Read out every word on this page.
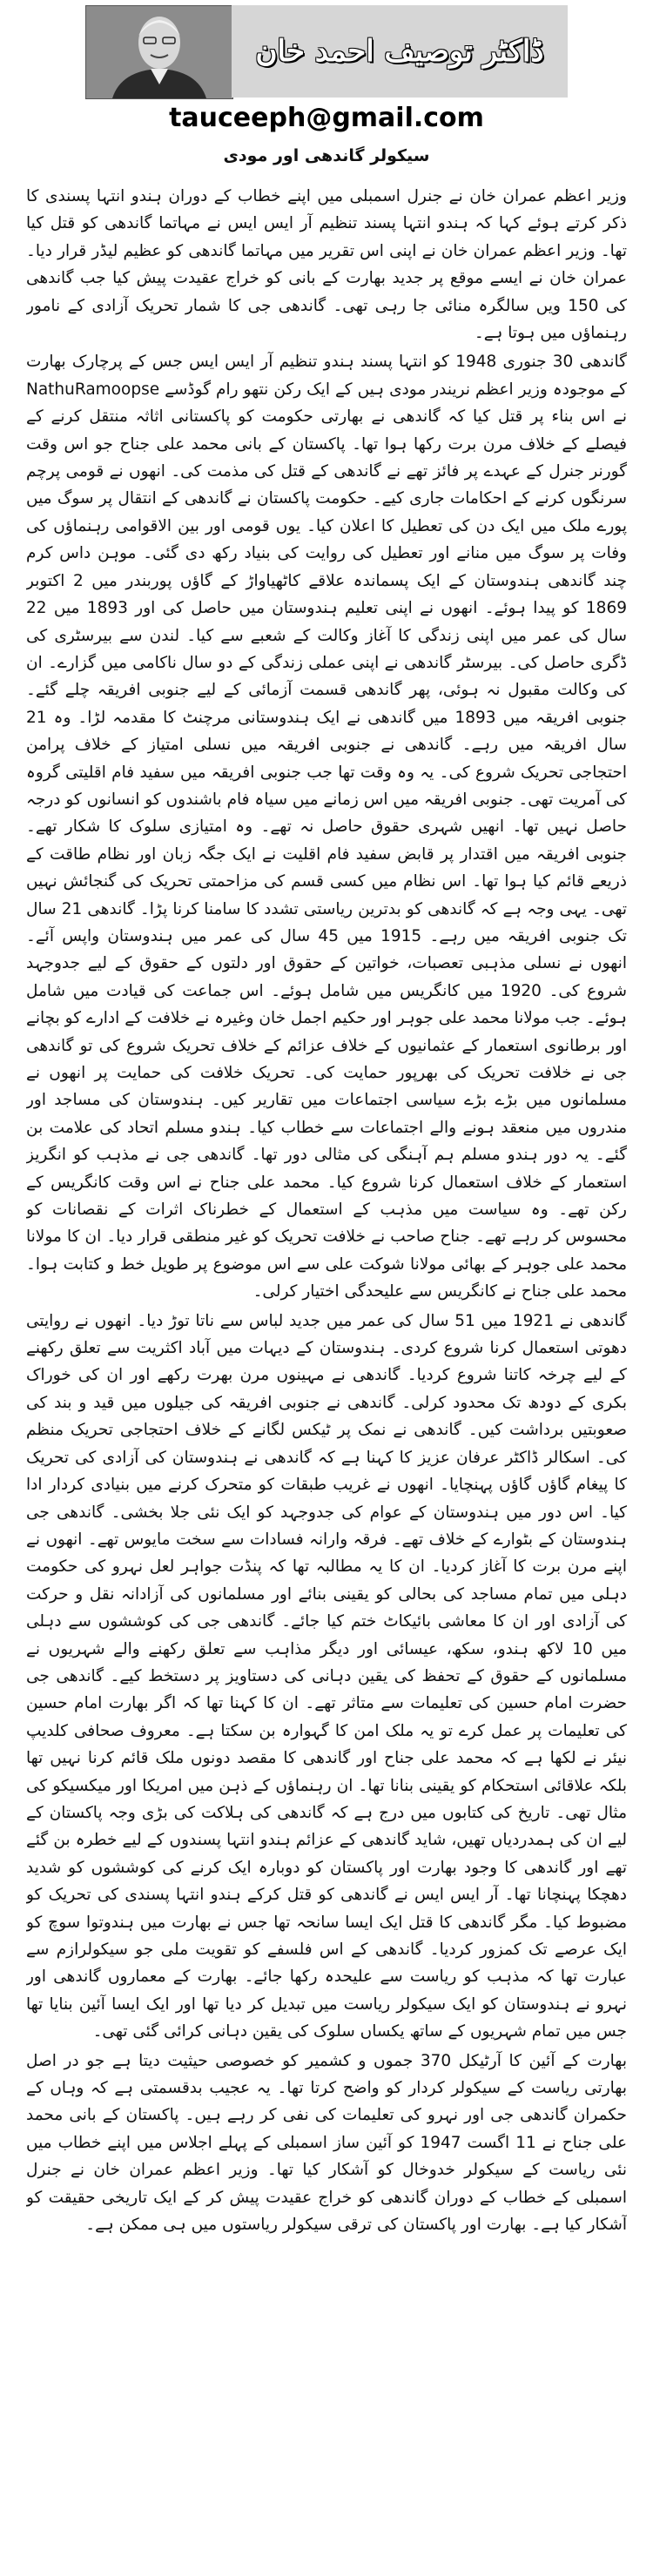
ڈاکٹر توصیف احمد خان
tauceeph@gmail.com
سیکولر گاندھی اور مودی

وزیر اعظم عمران خان نے جنرل اسمبلی میں اپنے خطاب کے دوران ہندو انتہا پسندی کا ذکر کرتے ہوئے کہا کہ ہندو انتہا پسند تنظیم آر ایس ایس نے مہاتما گاندھی کو قتل کیا تھا۔ وزیر اعظم عمران خان نے اپنی اس تقریر میں مہاتما گاندھی کو عظیم لیڈر قرار دیا۔ عمران خان نے ایسے موقع پر جدید بھارت کے بانی کو خراج عقیدت پیش کیا جب گاندھی کی 150 ویں سالگرہ منائی جا رہی تھی۔ گاندھی جی کا شمار تحریک آزادی کے نامور رہنماؤں میں ہوتا ہے۔

گاندھی 30 جنوری 1948 کو انتہا پسند ہندو تنظیم آر ایس ایس جس کے پرچارک بھارت کے موجودہ وزیر اعظم نریندر مودی ہیں کے ایک رکن نتھو رام گوڈسے NathuRamoopse نے اس بناء پر قتل کیا کہ گاندھی نے بھارتی حکومت کو پاکستانی اثاثہ منتقل کرنے کے فیصلے کے خلاف مرن برت رکھا ہوا تھا۔ پاکستان کے بانی محمد علی جناح جو اس وقت گورنر جنرل کے عہدے پر فائز تھے نے گاندھی کے قتل کی مذمت کی۔ انھوں نے قومی پرچم سرنگوں کرنے کے احکامات جاری کیے۔ حکومت پاکستان نے گاندھی کے انتقال پر سوگ میں پورے ملک میں ایک دن کی تعطیل کا اعلان کیا۔ یوں قومی اور بین الاقوامی رہنماؤں کی وفات پر سوگ میں منانے اور تعطیل کی روایت کی بنیاد رکھ دی گئی۔ موہن داس کرم چند گاندھی ہندوستان کے ایک پسماندہ علاقے کاٹھیاواڑ کے گاؤں پوربندر میں 2 اکتوبر 1869 کو پیدا ہوئے۔ انھوں نے اپنی تعلیم ہندوستان میں حاصل کی اور 1893 میں 22 سال کی عمر میں اپنی زندگی کا آغاز وکالت کے شعبے سے کیا۔ لندن سے بیرسٹری کی ڈگری حاصل کی۔ بیرسٹر گاندھی نے اپنی عملی زندگی کے دو سال ناکامی میں گزارے۔ ان کی وکالت مقبول نہ ہوئی، پھر گاندھی قسمت آزمائی کے لیے جنوبی افریقہ چلے گئے۔ جنوبی افریقہ میں 1893 میں گاندھی نے ایک ہندوستانی مرچنٹ کا مقدمہ لڑا۔ وہ 21 سال افریقہ میں رہے۔ گاندھی نے جنوبی افریقہ میں نسلی امتیاز کے خلاف پرامن احتجاجی تحریک شروع کی۔ یہ وہ وقت تھا جب جنوبی افریقہ میں سفید فام اقلیتی گروہ کی آمریت تھی۔ جنوبی افریقہ میں اس زمانے میں سیاہ فام باشندوں کو انسانوں کو درجہ حاصل نہیں تھا۔ انھیں شہری حقوق حاصل نہ تھے۔ وہ امتیازی سلوک کا شکار تھے۔ جنوبی افریقہ میں اقتدار پر قابض سفید فام اقلیت نے ایک جگہ زبان اور نظام طاقت کے ذریعے قائم کیا ہوا تھا۔ اس نظام میں کسی قسم کی مزاحمتی تحریک کی گنجائش نہیں تھی۔ یہی وجہ ہے کہ گاندھی کو بدترین ریاستی تشدد کا سامنا کرنا پڑا۔ گاندھی 21 سال تک جنوبی افریقہ میں رہے۔ 1915 میں 45 سال کی عمر میں ہندوستان واپس آئے۔ انھوں نے نسلی مذہبی تعصبات، خواتین کے حقوق اور دلتوں کے حقوق کے لیے جدوجہد شروع کی۔ 1920 میں کانگریس میں شامل ہوئے۔ اس جماعت کی قیادت میں شامل ہوئے۔ جب مولانا محمد علی جوہر اور حکیم اجمل خان وغیرہ نے خلافت کے ادارے کو بچانے اور برطانوی استعمار کے عثمانیوں کے خلاف عزائم کے خلاف تحریک شروع کی تو گاندھی جی نے خلافت تحریک کی بھرپور حمایت کی۔ تحریک خلافت کی حمایت پر انھوں نے مسلمانوں میں بڑے بڑے سیاسی اجتماعات میں تقاریر کیں۔ ہندوستان کی مساجد اور مندروں میں منعقد ہونے والے اجتماعات سے خطاب کیا۔ ہندو مسلم اتحاد کی علامت بن گئے۔ یہ دور ہندو مسلم ہم آہنگی کی مثالی دور تھا۔ گاندھی جی نے مذہب کو انگریز استعمار کے خلاف استعمال کرنا شروع کیا۔ محمد علی جناح نے اس وقت کانگریس کے رکن تھے۔ وہ سیاست میں مذہب کے استعمال کے خطرناک اثرات کے نقصانات کو محسوس کر رہے تھے۔ جناح صاحب نے خلافت تحریک کو غیر منطقی قرار دیا۔ ان کا مولانا محمد علی جوہر کے بھائی مولانا شوکت علی سے اس موضوع پر طویل خط و کتابت ہوا۔ محمد علی جناح نے کانگریس سے علیحدگی اختیار کرلی۔

گاندھی نے 1921 میں 51 سال کی عمر میں جدید لباس سے ناتا توڑ دیا۔ انھوں نے روایتی دھوتی استعمال کرنا شروع کردی۔ ہندوستان کے دیہات میں آباد اکثریت سے تعلق رکھنے کے لیے چرخہ کاتنا شروع کردیا۔ گاندھی نے مہینوں مرن بھرت رکھے اور ان کی خوراک بکری کے دودھ تک محدود کرلی۔ گاندھی نے جنوبی افریقہ کی جیلوں میں قید و بند کی صعوبتیں برداشت کیں۔ گاندھی نے نمک پر ٹیکس لگانے کے خلاف احتجاجی تحریک منظم کی۔ اسکالر ڈاکٹر عرفان عزیز کا کہنا ہے کہ گاندھی نے ہندوستان کی آزادی کی تحریک کا پیغام گاؤں گاؤں پہنچایا۔ انھوں نے غریب طبقات کو متحرک کرنے میں بنیادی کردار ادا کیا۔ اس دور میں ہندوستان کے عوام کی جدوجہد کو ایک نئی جلا بخشی۔ گاندھی جی ہندوستان کے بٹوارے کے خلاف تھے۔ فرقہ وارانہ فسادات سے سخت مایوس تھے۔ انھوں نے اپنے مرن برت کا آغاز کردیا۔ ان کا یہ مطالبہ تھا کہ پنڈت جواہر لعل نہرو کی حکومت دہلی میں تمام مساجد کی بحالی کو یقینی بنائے اور مسلمانوں کی آزادانہ نقل و حرکت کی آزادی اور ان کا معاشی بائیکاٹ ختم کیا جائے۔ گاندھی جی کی کوششوں سے دہلی میں 10 لاکھ ہندو، سکھ، عیسائی اور دیگر مذاہب سے تعلق رکھنے والے شہریوں نے مسلمانوں کے حقوق کے تحفظ کی یقین دہانی کی دستاویز پر دستخط کیے۔ گاندھی جی حضرت امام حسین کی تعلیمات سے متاثر تھے۔ ان کا کہنا تھا کہ اگر بھارت امام حسین کی تعلیمات پر عمل کرے تو یہ ملک امن کا گہوارہ بن سکتا ہے۔ معروف صحافی کلدیپ نیئر نے لکھا ہے کہ محمد علی جناح اور گاندھی کا مقصد دونوں ملک قائم کرنا نہیں تھا بلکہ علاقائی استحکام کو یقینی بنانا تھا۔ ان رہنماؤں کے ذہن میں امریکا اور میکسیکو کی مثال تھی۔ تاریخ کی کتابوں میں درج ہے کہ گاندھی کی ہلاکت کی بڑی وجہ پاکستان کے لیے ان کی ہمدردیاں تھیں، شاید گاندھی کے عزائم ہندو انتہا پسندوں کے لیے خطرہ بن گئے تھے اور گاندھی کا وجود بھارت اور پاکستان کو دوبارہ ایک کرنے کی کوششوں کو شدید دھچکا پہنچانا تھا۔ آر ایس ایس نے گاندھی کو قتل کرکے ہندو انتہا پسندی کی تحریک کو مضبوط کیا۔ مگر گاندھی کا قتل ایک ایسا سانحہ تھا جس نے بھارت میں ہندوتوا سوچ کو ایک عرصے تک کمزور کردیا۔ گاندھی کے اس فلسفے کو تقویت ملی جو سیکولرازم سے عبارت تھا کہ مذہب کو ریاست سے علیحدہ رکھا جائے۔ بھارت کے معماروں گاندھی اور نہرو نے ہندوستان کو ایک سیکولر ریاست میں تبدیل کر دیا تھا اور ایک ایسا آئین بنایا تھا جس میں تمام شہریوں کے ساتھ یکساں سلوک کی یقین دہانی کرائی گئی تھی۔

بھارت کے آئین کا آرٹیکل 370 جموں و کشمیر کو خصوصی حیثیت دیتا ہے جو در اصل بھارتی ریاست کے سیکولر کردار کو واضح کرتا تھا۔ یہ عجیب بدقسمتی ہے کہ وہاں کے حکمران گاندھی جی اور نہرو کی تعلیمات کی نفی کر رہے ہیں۔ پاکستان کے بانی محمد علی جناح نے 11 اگست 1947 کو آئین ساز اسمبلی کے پہلے اجلاس میں اپنے خطاب میں نئی ریاست کے سیکولر خدوخال کو آشکار کیا تھا۔ وزیر اعظم عمران خان نے جنرل اسمبلی کے خطاب کے دوران گاندھی کو خراج عقیدت پیش کر کے ایک تاریخی حقیقت کو آشکار کیا ہے۔ بھارت اور پاکستان کی ترقی سیکولر ریاستوں میں ہی ممکن ہے۔
